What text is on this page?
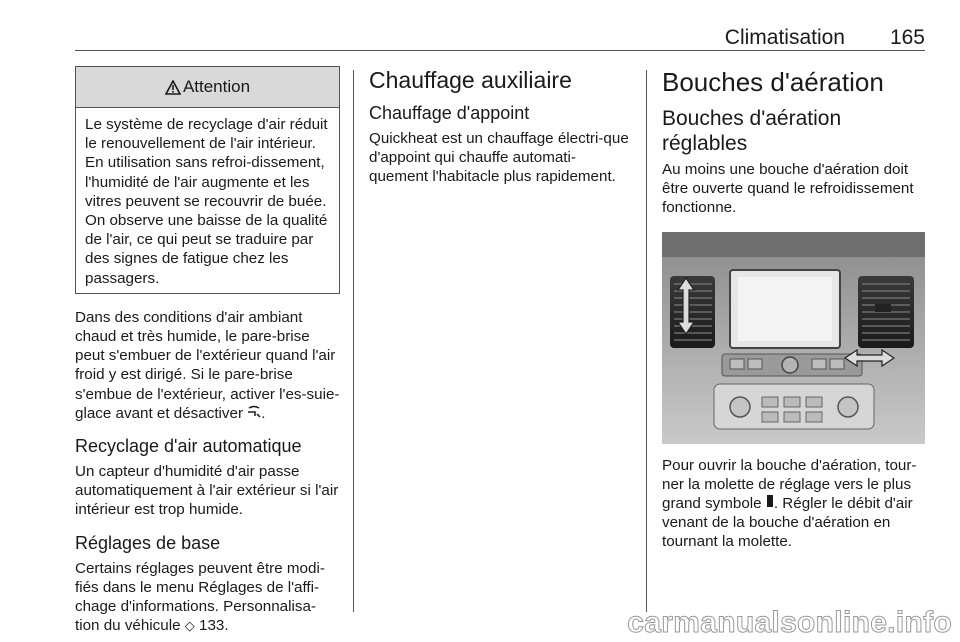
Climatisation 165
Attention
Le système de recyclage d'air réduit le renouvellement de l'air intérieur. En utilisation sans refroi-dissement, l'humidité de l'air augmente et les vitres peuvent se recouvrir de buée. On observe une baisse de la qualité de l'air, ce qui peut se traduire par des signes de fatigue chez les passagers.

Dans des conditions d'air ambiant chaud et très humide, le pare-brise peut s'embuer de l'extérieur quand l'air froid y est dirigé. Si le pare-brise s'embue de l'extérieur, activer l'es-suie-glace avant et désactiver .

Recyclage d'air automatique

Un capteur d'humidité d'air passe automatiquement à l'air extérieur si l'air intérieur est trop humide.

Réglages de base

Certains réglages peuvent être modi-fiés dans le menu Réglages de l'affi-chage d'informations. Personnalisa-tion du véhicule ◇ 133.

Chauffage auxiliaire
Chauffage d'appoint

Quickheat est un chauffage électri-que d'appoint qui chauffe automati-quement l'habitacle plus rapidement.

Bouches d'aération
Bouches d'aération réglables

Au moins une bouche d'aération doit être ouverte quand le refroidissement fonctionne.

Pour ouvrir la bouche d'aération, tour-ner la molette de réglage vers le plus grand symbole . Régler le débit d'air venant de la bouche d'aération en tournant la molette.

carmanualsonline.info
